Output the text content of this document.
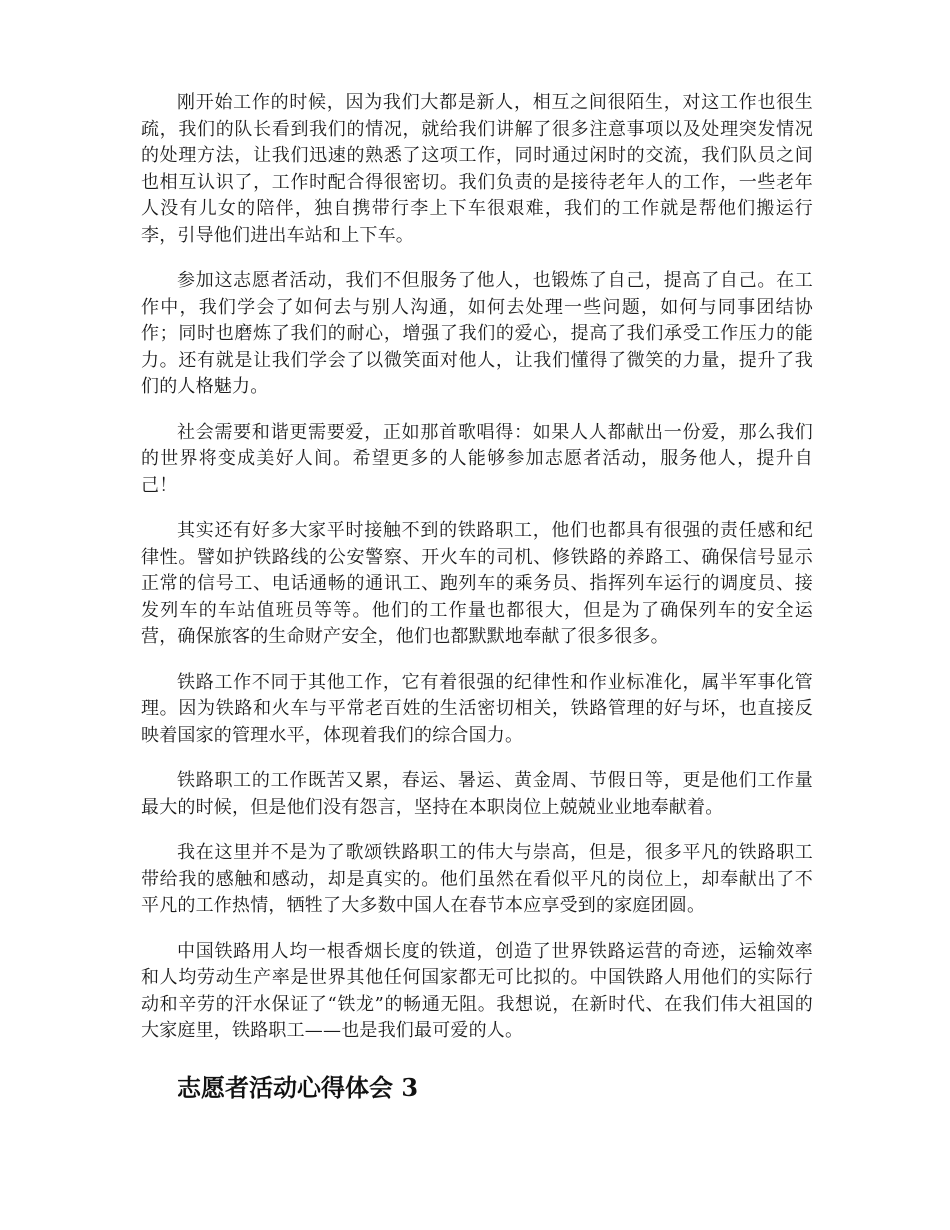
刚开始工作的时候，因为我们大都是新人，相互之间很陌生，对这工作也很生疏，我们的队长看到我们的情况，就给我们讲解了很多注意事项以及处理突发情况的处理方法，让我们迅速的熟悉了这项工作，同时通过闲时的交流，我们队员之间也相互认识了，工作时配合得很密切。我们负责的是接待老年人的工作，一些老年人没有儿女的陪伴，独自携带行李上下车很艰难，我们的工作就是帮他们搬运行李，引导他们进出车站和上下车。

参加这志愿者活动，我们不但服务了他人，也锻炼了自己，提高了自己。在工作中，我们学会了如何去与别人沟通，如何去处理一些问题，如何与同事团结协作；同时也磨炼了我们的耐心，增强了我们的爱心，提高了我们承受工作压力的能力。还有就是让我们学会了以微笑面对他人，让我们懂得了微笑的力量，提升了我们的人格魅力。

社会需要和谐更需要爱，正如那首歌唱得：如果人人都献出一份爱，那么我们的世界将变成美好人间。希望更多的人能够参加志愿者活动，服务他人，提升自己！

其实还有好多大家平时接触不到的铁路职工，他们也都具有很强的责任感和纪律性。譬如护铁路线的公安警察、开火车的司机、修铁路的养路工、确保信号显示正常的信号工、电话通畅的通讯工、跑列车的乘务员、指挥列车运行的调度员、接发列车的车站值班员等等。他们的工作量也都很大，但是为了确保列车的安全运营，确保旅客的生命财产安全，他们也都默默地奉献了很多很多。

铁路工作不同于其他工作，它有着很强的纪律性和作业标准化，属半军事化管理。因为铁路和火车与平常老百姓的生活密切相关，铁路管理的好与坏，也直接反映着国家的管理水平，体现着我们的综合国力。

铁路职工的工作既苦又累，春运、暑运、黄金周、节假日等，更是他们工作量最大的时候，但是他们没有怨言，坚持在本职岗位上兢兢业业地奉献着。

我在这里并不是为了歌颂铁路职工的伟大与崇高，但是，很多平凡的铁路职工带给我的感触和感动，却是真实的。他们虽然在看似平凡的岗位上，却奉献出了不平凡的工作热情，牺牲了大多数中国人在春节本应享受到的家庭团圆。

中国铁路用人均一根香烟长度的铁道，创造了世界铁路运营的奇迹，运输效率和人均劳动生产率是世界其他任何国家都无可比拟的。中国铁路人用他们的实际行动和辛劳的汗水保证了“铁龙”的畅通无阻。我想说，在新时代、在我们伟大祖国的大家庭里，铁路职工——也是我们最可爱的人。

志愿者活动心得体会 3
